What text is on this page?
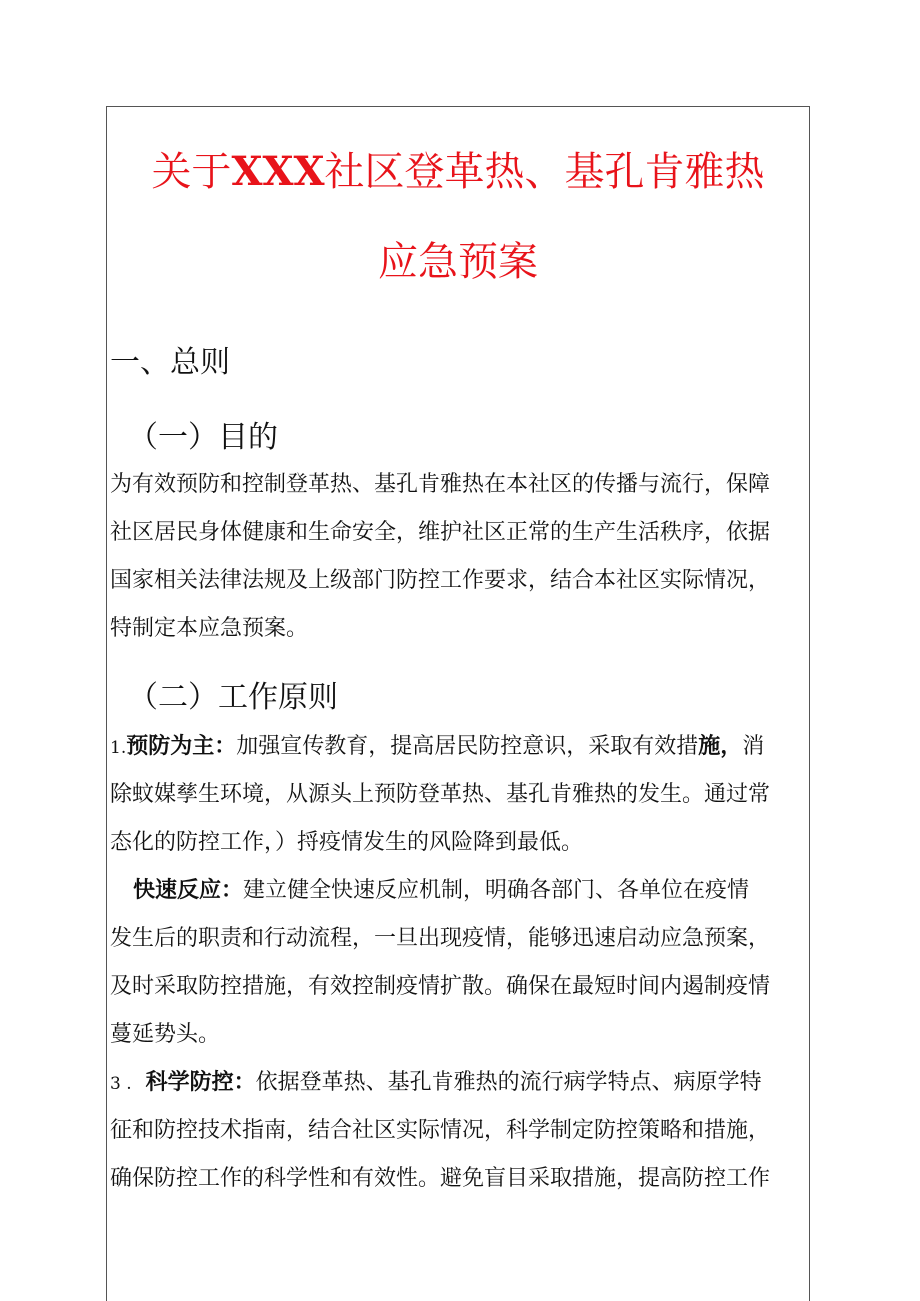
关于XXX社区登革热、基孔肯雅热
应急预案
一、总则
（一）目的
为有效预防和控制登革热、基孔肯雅热在本社区的传播与流行，保障
社区居民身体健康和生命安全，维护社区正常的生产生活秩序，依据
国家相关法律法规及上级部门防控工作要求，结合本社区实际情况，
特制定本应急预案。
（二）工作原则
1.预防为主：加强宣传教育，提高居民防控意识，采取有效措施，消
除蚊媒孳生环境，从源头上预防登革热、基孔肯雅热的发生。通过常
态化的防控工作，）捋疫情发生的风险降到最低。
快速反应：建立健全快速反应机制，明确各部门、各单位在疫情
发生后的职责和行动流程，一旦出现疫情，能够迅速启动应急预案，
及时采取防控措施，有效控制疫情扩散。确保在最短时间内遏制疫情
蔓延势头。
3 . 科学防控：依据登革热、基孔肯雅热的流行病学特点、病原学特
征和防控技术指南，结合社区实际情况，科学制定防控策略和措施，
确保防控工作的科学性和有效性。避免盲目采取措施，提高防控工作
